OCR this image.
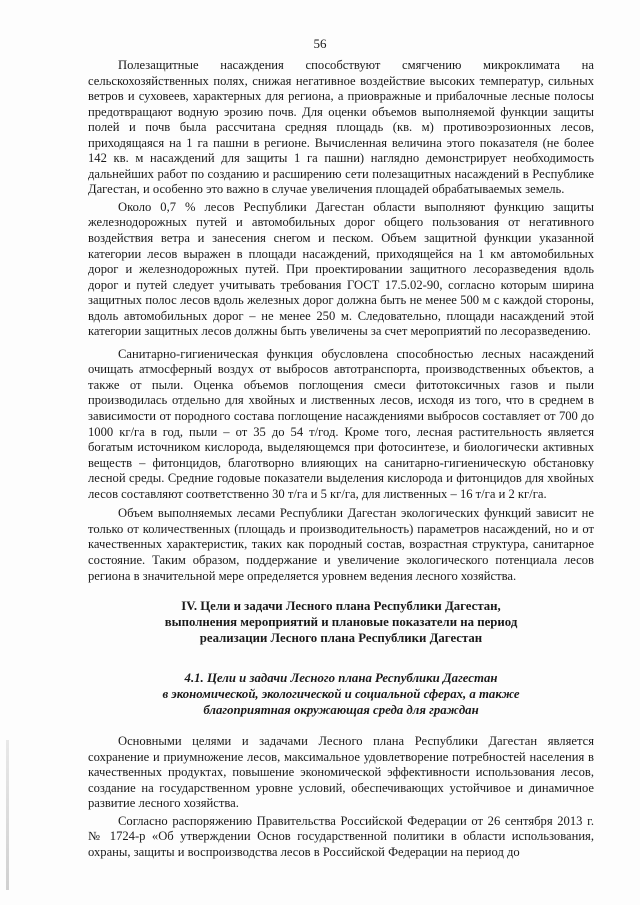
56

Полезащитные насаждения способствуют смягчению микроклимата на сельскохозяйственных полях, снижая негативное воздействие высоких температур, сильных ветров и суховеев, характерных для региона, а приовражные и прибалочные лесные полосы предотвращают водную эрозию почв. Для оценки объемов выполняемой функции защиты полей и почв была рассчитана средняя площадь (кв. м) противоэрозионных лесов, приходящаяся на 1 га пашни в регионе. Вычисленная величина этого показателя (не более 142 кв. м насаждений для защиты 1 га пашни) наглядно демонстрирует необходимость дальнейших работ по созданию и расширению сети полезащитных насаждений в Республике Дагестан, и особенно это важно в случае увеличения площадей обрабатываемых земель.

Около 0,7 % лесов Республики Дагестан области выполняют функцию защиты железнодорожных путей и автомобильных дорог общего пользования от негативного воздействия ветра и занесения снегом и песком. Объем защитной функции указанной категории лесов выражен в площади насаждений, приходящейся на 1 км автомобильных дорог и железнодорожных путей. При проектировании защитного лесоразведения вдоль дорог и путей следует учитывать требования ГОСТ 17.5.02-90, согласно которым ширина защитных полос лесов вдоль железных дорог должна быть не менее 500 м с каждой стороны, вдоль автомобильных дорог – не менее 250 м. Следовательно, площади насаждений этой категории защитных лесов должны быть увеличены за счет мероприятий по лесоразведению.

Санитарно-гигиеническая функция обусловлена способностью лесных насаждений очищать атмосферный воздух от выбросов автотранспорта, производственных объектов, а также от пыли. Оценка объемов поглощения смеси фитотоксичных газов и пыли производилась отдельно для хвойных и лиственных лесов, исходя из того, что в среднем в зависимости от породного состава поглощение насаждениями выбросов составляет от 700 до 1000 кг/га в год, пыли – от 35 до 54 т/год. Кроме того, лесная растительность является богатым источником кислорода, выделяющемся при фотосинтезе, и биологически активных веществ – фитонцидов, благотворно влияющих на санитарно-гигиеническую обстановку лесной среды. Средние годовые показатели выделения кислорода и фитонцидов для хвойных лесов составляют соответственно 30 т/га и 5 кг/га, для лиственных – 16 т/га и 2 кг/га.

Объем выполняемых лесами Республики Дагестан экологических функций зависит не только от количественных (площадь и производительность) параметров насаждений, но и от качественных характеристик, таких как породный состав, возрастная структура, санитарное состояние. Таким образом, поддержание и увеличение экологического потенциала лесов региона в значительной мере определяется уровнем ведения лесного хозяйства.

IV. Цели и задачи Лесного плана Республики Дагестан,
выполнения мероприятий и плановые показатели на период
реализации Лесного плана Республики Дагестан
4.1. Цели и задачи Лесного плана Республики Дагестан
в экономической, экологической и социальной сферах, а также
благоприятная окружающая среда для граждан

Основными целями и задачами Лесного плана Республики Дагестан является сохранение и приумножение лесов, максимальное удовлетворение потребностей населения в качественных продуктах, повышение экономической эффективности использования лесов, создание на государственном уровне условий, обеспечивающих устойчивое и динамичное развитие лесного хозяйства.

Согласно распоряжению Правительства Российской Федерации от 26 сентября 2013 г. № 1724-р «Об утверждении Основ государственной политики в области использования, охраны, защиты и воспроизводства лесов в Российской Федерации на период до
